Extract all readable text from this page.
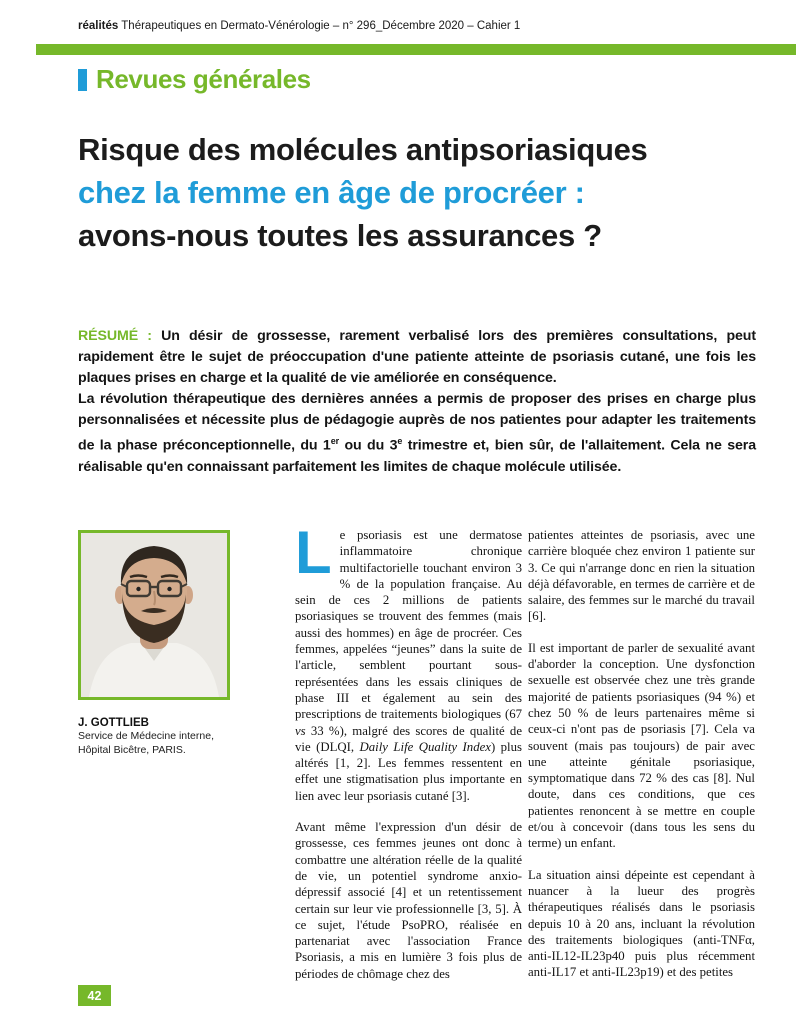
réalités Thérapeutiques en Dermato-Vénérologie – n° 296_Décembre 2020 – Cahier 1
Revues générales
Risque des molécules antipsoriasiques
chez la femme en âge de procréer :
avons-nous toutes les assurances ?

RÉSUMÉ : Un désir de grossesse, rarement verbalisé lors des premières consultations, peut rapidement être le sujet de préoccupation d'une patiente atteinte de psoriasis cutané, une fois les plaques prises en charge et la qualité de vie améliorée en conséquence.

La révolution thérapeutique des dernières années a permis de proposer des prises en charge plus personnalisées et nécessite plus de pédagogie auprès de nos patientes pour adapter les traitements de la phase préconceptionnelle, du 1er ou du 3e trimestre et, bien sûr, de l'allaitement. Cela ne sera réalisable qu'en connaissant parfaitement les limites de chaque molécule utilisée.

J. GOTTLIEB
Service de Médecine interne,
Hôpital Bicêtre, PARIS.

Le psoriasis est une dermatose inflammatoire chronique multifactorielle touchant environ 3 % de la population française. Au sein de ces 2 millions de patients psoriasiques se trouvent des femmes (mais aussi des hommes) en âge de procréer. Ces femmes, appelées “jeunes” dans la suite de l'article, semblent pourtant sous-représentées dans les essais cliniques de phase III et également au sein des prescriptions de traitements biologiques (67 vs 33 %), malgré des scores de qualité de vie (DLQI, Daily Life Quality Index) plus altérés [1, 2]. Les femmes ressentent en effet une stigmatisation plus importante en lien avec leur psoriasis cutané [3].

Avant même l'expression d'un désir de grossesse, ces femmes jeunes ont donc à combattre une altération réelle de la qualité de vie, un potentiel syndrome anxio-dépressif associé [4] et un retentissement certain sur leur vie professionnelle [3, 5]. À ce sujet, l'étude PsoPRO, réalisée en partenariat avec l'association France Psoriasis, a mis en lumière 3 fois plus de périodes de chômage chez des

patientes atteintes de psoriasis, avec une carrière bloquée chez environ 1 patiente sur 3. Ce qui n'arrange donc en rien la situation déjà défavorable, en termes de carrière et de salaire, des femmes sur le marché du travail [6].

Il est important de parler de sexualité avant d'aborder la conception. Une dysfonction sexuelle est observée chez une très grande majorité de patients psoriasiques (94 %) et chez 50 % de leurs partenaires même si ceux-ci n'ont pas de psoriasis [7]. Cela va souvent (mais pas toujours) de pair avec une atteinte génitale psoriasique, symptomatique dans 72 % des cas [8]. Nul doute, dans ces conditions, que ces patientes renoncent à se mettre en couple et/ou à concevoir (dans tous les sens du terme) un enfant.

La situation ainsi dépeinte est cependant à nuancer à la lueur des progrès thérapeutiques réalisés dans le psoriasis depuis 10 à 20 ans, incluant la révolution des traitements biologiques (anti-TNFα, anti-IL12-IL23p40 puis plus récemment anti-IL17 et anti-IL23p19) et des petites

42
